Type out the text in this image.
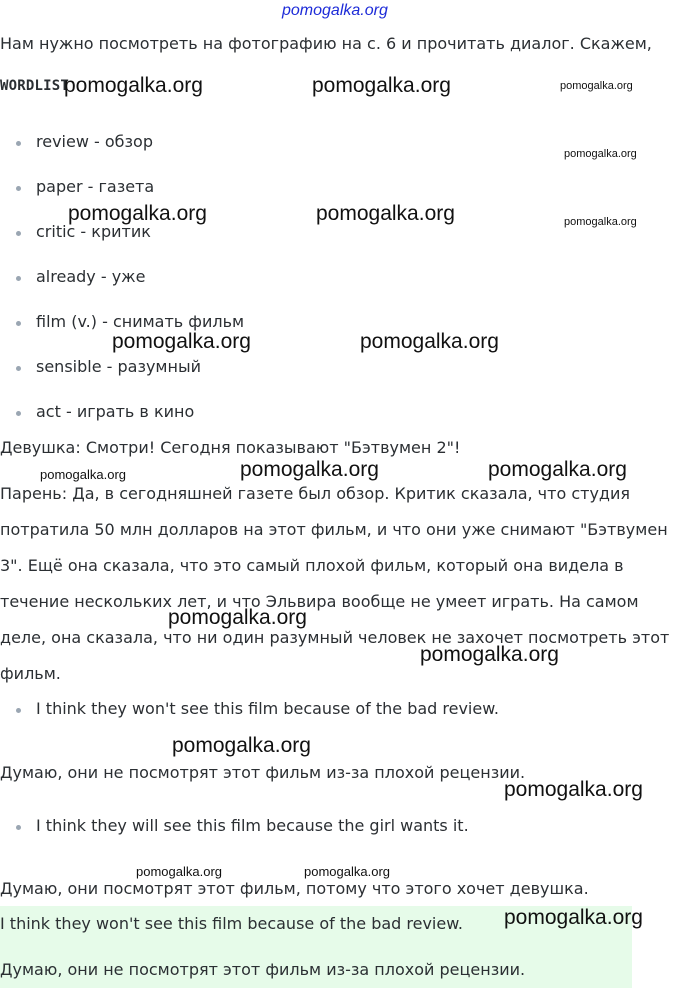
pomogalka.org
Нам нужно посмотреть на фотографию на с. 6 и прочитать диалог. Скажем,
WORDLIST
review - обзор
paper - газета
critic - критик
already - уже
film (v.) - снимать фильм
sensible - разумный
act - играть в кино
Девушка: Смотри! Сегодня показывают "Бэтвумен 2"!
Парень: Да, в сегодняшней газете был обзор. Критик сказала, что студия
потратила 50 млн долларов на этот фильм, и что они уже снимают "Бэтвумен
3". Ещё она сказала, что это самый плохой фильм, который она видела в
течение нескольких лет, и что Эльвира вообще не умеет играть. На самом
деле, она сказала, что ни один разумный человек не захочет посмотреть этот
фильм.
I think they won't see this film because of the bad review.
Думаю, они не посмотрят этот фильм из-за плохой рецензии.
I think they will see this film because the girl wants it.
Думаю, они посмотрят этот фильм, потому что этого хочет девушка.
I think they won't see this film because of the bad review.
Думаю, они не посмотрят этот фильм из-за плохой рецензии.
pomogalka.org	pomogalka.org	pomogalka.org
pomogalka.org
pomogalka.org	pomogalka.org	pomogalka.org
pomogalka.org	pomogalka.org
pomogalka.org	pomogalka.org	pomogalka.org
pomogalka.org
pomogalka.org
pomogalka.org
pomogalka.org
pomogalka.org	pomogalka.org
pomogalka.org
